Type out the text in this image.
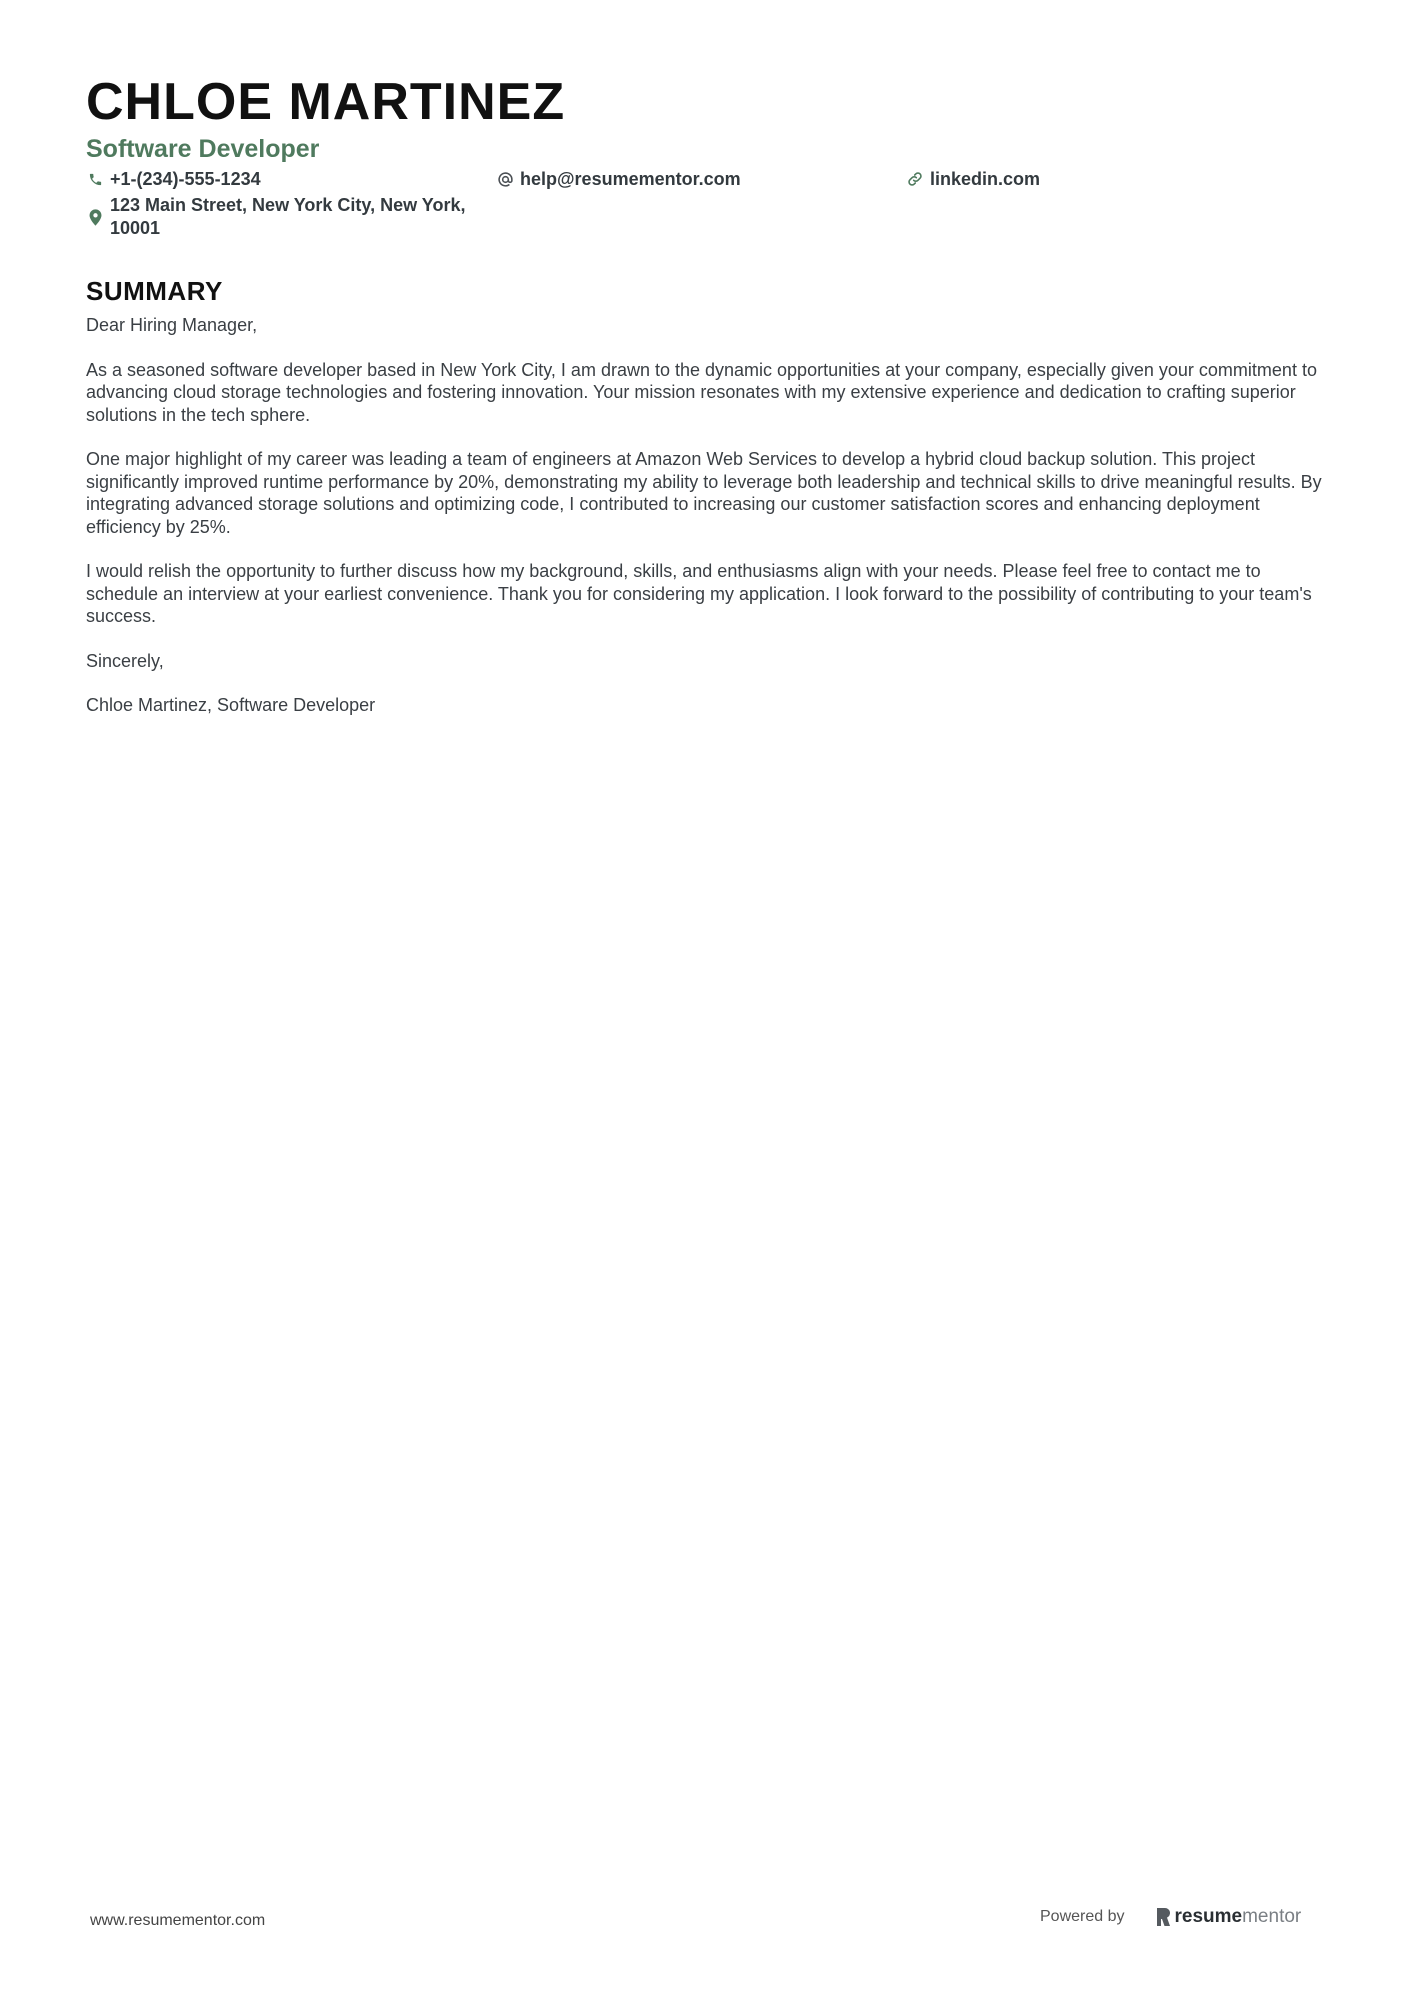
CHLOE MARTINEZ
Software Developer
+1-(234)-555-1234	help@resumementor.com	linkedin.com
123 Main Street, New York City, New York,
10001
SUMMARY

Dear Hiring Manager,

As a seasoned software developer based in New York City, I am drawn to the dynamic opportunities at your company, especially given your commitment to advancing cloud storage technologies and fostering innovation. Your mission resonates with my extensive experience and dedication to crafting superior solutions in the tech sphere.

One major highlight of my career was leading a team of engineers at Amazon Web Services to develop a hybrid cloud backup solution. This project significantly improved runtime performance by 20%, demonstrating my ability to leverage both leadership and technical skills to drive meaningful results. By integrating advanced storage solutions and optimizing code, I contributed to increasing our customer satisfaction scores and enhancing deployment efficiency by 25%.

I would relish the opportunity to further discuss how my background, skills, and enthusiasms align with your needs. Please feel free to contact me to schedule an interview at your earliest convenience. Thank you for considering my application. I look forward to the possibility of contributing to your team's success.

Sincerely,

Chloe Martinez, Software Developer

www.resumementor.com	Powered by	resume mentor
